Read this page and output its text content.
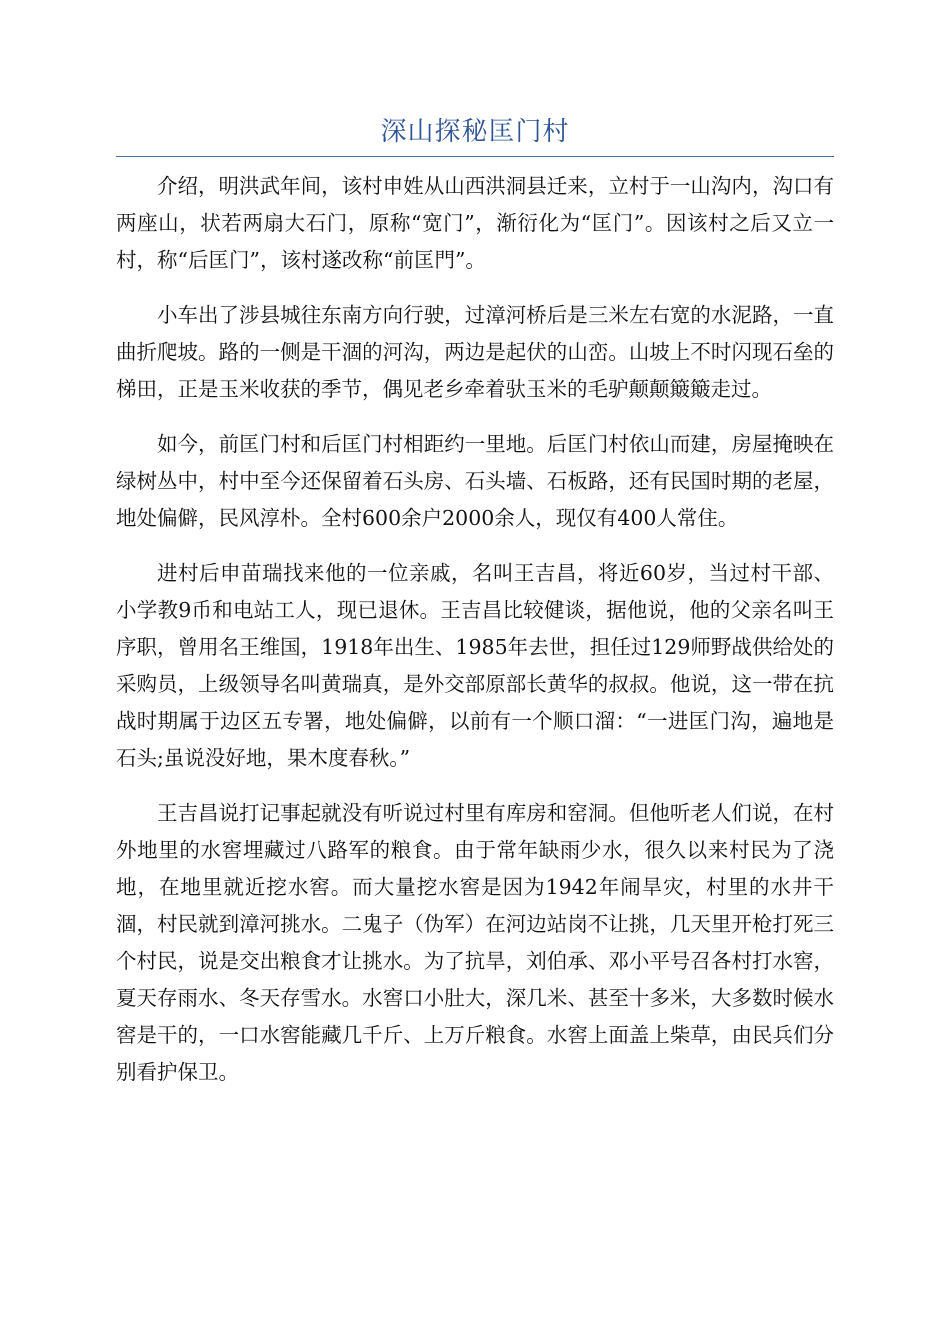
深山探秘匡门村

介绍，明洪武年间，该村申姓从山西洪洞县迁来，立村于一山沟内，沟口有两座山，状若两扇大石门，原称“宽门”，渐衍化为“匡门”。因该村之后又立一村，称“后匡门”，该村遂改称“前匡門”。

小车出了涉县城往东南方向行驶，过漳河桥后是三米左右宽的水泥路，一直曲折爬坡。路的一侧是干涸的河沟，两边是起伏的山峦。山坡上不时闪现石垒的梯田，正是玉米收获的季节，偶见老乡牵着驮玉米的毛驴颠颠簸簸走过。

如今，前匡门村和后匡门村相距约一里地。后匡门村依山而建，房屋掩映在绿树丛中，村中至今还保留着石头房、石头墙、石板路，还有民国时期的老屋，地处偏僻，民风淳朴。全村600余户2000余人，现仅有400人常住。

进村后申苗瑞找来他的一位亲戚，名叫王吉昌，将近60岁，当过村干部、小学教9币和电站工人，现已退休。王吉昌比较健谈，据他说，他的父亲名叫王序职，曾用名王维国，1918年出生、1985年去世，担任过129师野战供给处的采购员，上级领导名叫黄瑞真，是外交部原部长黄华的叔叔。他说，这一带在抗战时期属于边区五专署，地处偏僻，以前有一个顺口溜：“一进匡门沟，遍地是石头;虽说没好地，果木度春秋。”

王吉昌说打记事起就没有听说过村里有库房和窑洞。但他听老人们说，在村外地里的水窖埋藏过八路军的粮食。由于常年缺雨少水，很久以来村民为了浇地，在地里就近挖水窖。而大量挖水窖是因为1942年闹旱灾，村里的水井干涸，村民就到漳河挑水。二鬼子（伪军）在河边站岗不让挑，几天里开枪打死三个村民，说是交出粮食才让挑水。为了抗旱，刘伯承、邓小平号召各村打水窖，夏天存雨水、冬天存雪水。水窖口小肚大，深几米、甚至十多米，大多数时候水窖是干的，一口水窖能藏几千斤、上万斤粮食。水窖上面盖上柴草，由民兵们分别看护保卫。
